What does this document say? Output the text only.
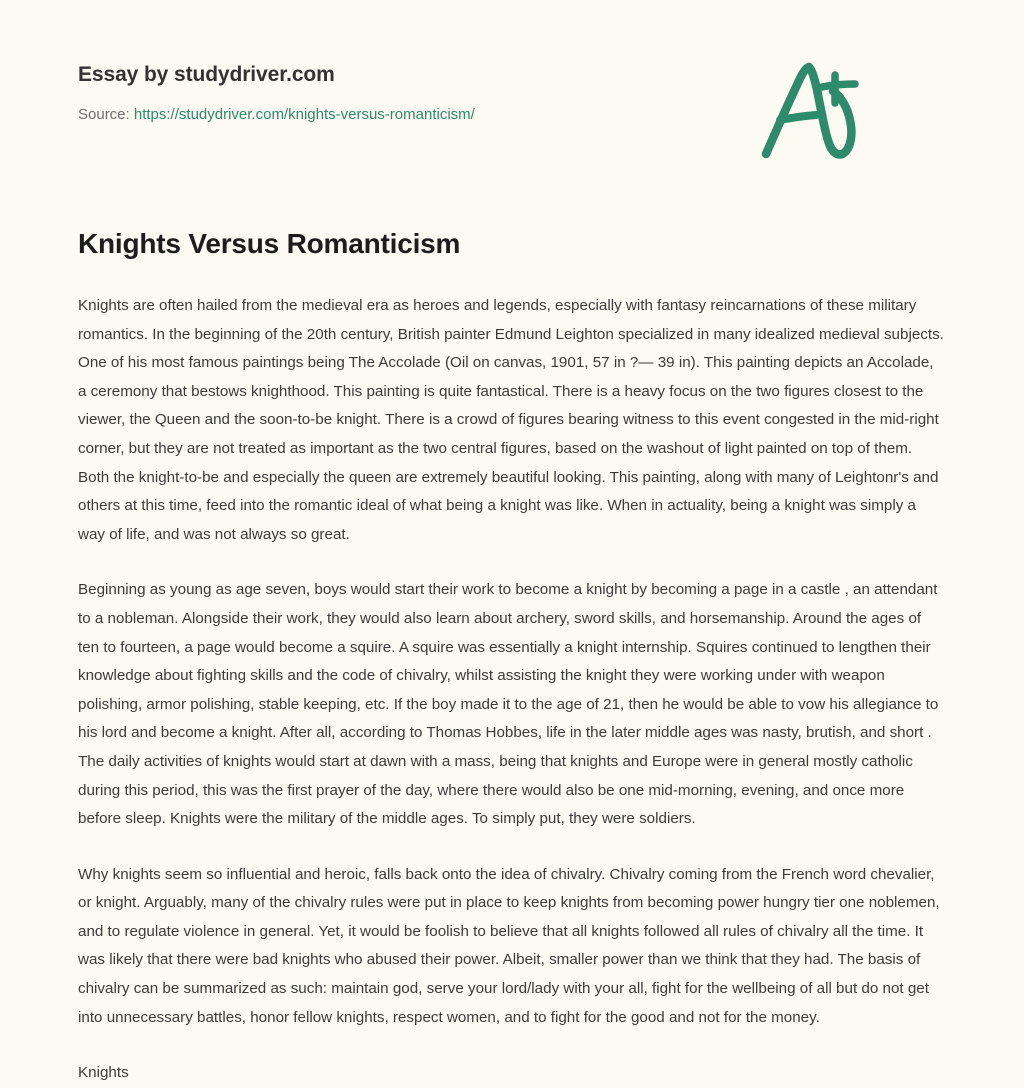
Essay by studydriver.com
Source: https://studydriver.com/knights-versus-romanticism/
Knights Versus Romanticism

Knights are often hailed from the medieval era as heroes and legends, especially with fantasy reincarnations of these military romantics. In the beginning of the 20th century, British painter Edmund Leighton specialized in many idealized medieval subjects. One of his most famous paintings being The Accolade (Oil on canvas, 1901, 57 in ?— 39 in). This painting depicts an Accolade, a ceremony that bestows knighthood. This painting is quite fantastical. There is a heavy focus on the two figures closest to the viewer, the Queen and the soon-to-be knight. There is a crowd of figures bearing witness to this event congested in the mid-right corner, but they are not treated as important as the two central figures, based on the washout of light painted on top of them. Both the knight-to-be and especially the queen are extremely beautiful looking. This painting, along with many of Leightonr's and others at this time, feed into the romantic ideal of what being a knight was like. When in actuality, being a knight was simply a way of life, and was not always so great.

Beginning as young as age seven, boys would start their work to become a knight by becoming a page in a castle , an attendant to a nobleman. Alongside their work, they would also learn about archery, sword skills, and horsemanship. Around the ages of ten to fourteen, a page would become a squire. A squire was essentially a knight internship. Squires continued to lengthen their knowledge about fighting skills and the code of chivalry, whilst assisting the knight they were working under with weapon polishing, armor polishing, stable keeping, etc. If the boy made it to the age of 21, then he would be able to vow his allegiance to his lord and become a knight. After all, according to Thomas Hobbes, life in the later middle ages was nasty, brutish, and short . The daily activities of knights would start at dawn with a mass, being that knights and Europe were in general mostly catholic during this period, this was the first prayer of the day, where there would also be one mid-morning, evening, and once more before sleep. Knights were the military of the middle ages. To simply put, they were soldiers.

Why knights seem so influential and heroic, falls back onto the idea of chivalry. Chivalry coming from the French word chevalier, or knight. Arguably, many of the chivalry rules were put in place to keep knights from becoming power hungry tier one noblemen, and to regulate violence in general. Yet, it would be foolish to believe that all knights followed all rules of chivalry all the time. It was likely that there were bad knights who abused their power. Albeit, smaller power than we think that they had. The basis of chivalry can be summarized as such: maintain god, serve your lord/lady with your all, fight for the wellbeing of all but do not get into unnecessary battles, honor fellow knights, respect women, and to fight for the good and not for the money.

Knights
